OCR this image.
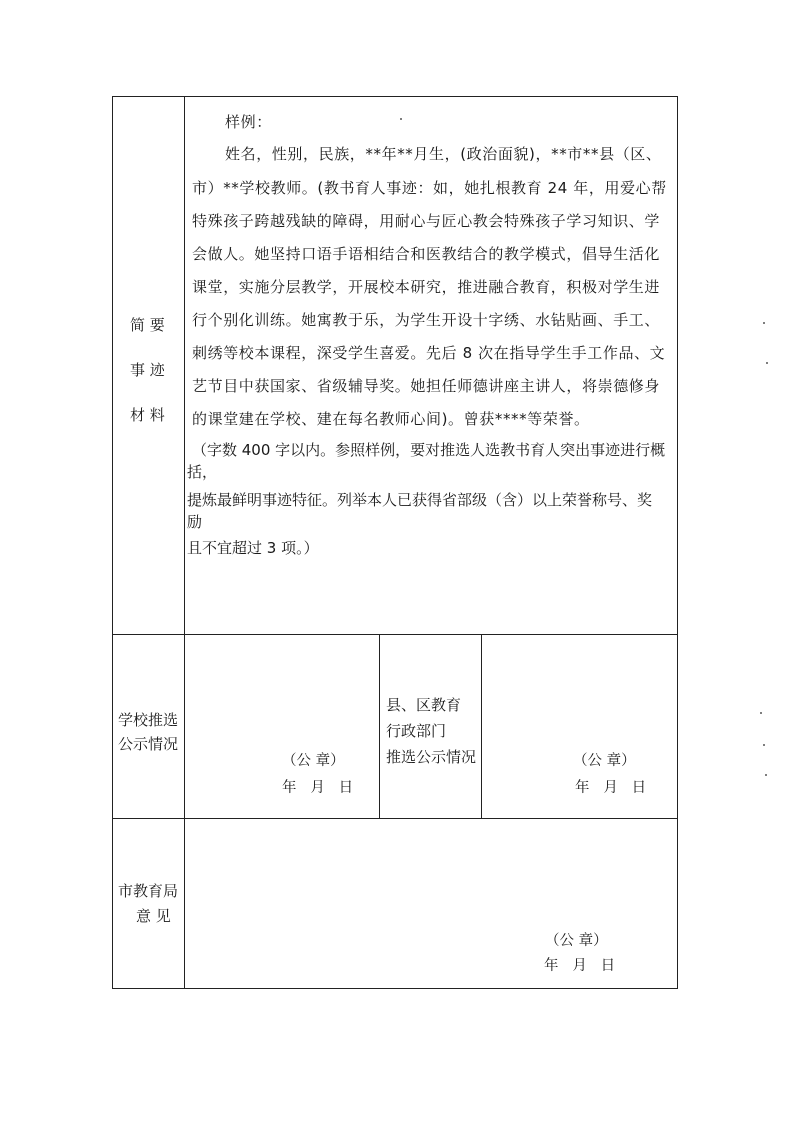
简 要
事 迹
材 料
样例：
姓名，性别，民族，**年**月生，(政治面貌)，**市**县（区、
市）**学校教师。(教书育人事迹：如，她扎根教育 24 年，用爱心帮
特殊孩子跨越残缺的障碍，用耐心与匠心教会特殊孩子学习知识、学
会做人。她坚持口语手语相结合和医教结合的教学模式，倡导生活化
课堂，实施分层教学，开展校本研究，推进融合教育，积极对学生进
行个别化训练。她寓教于乐，为学生开设十字绣、水钻贴画、手工、
刺绣等校本课程，深受学生喜爱。先后 8 次在指导学生手工作品、文
艺节目中获国家、省级辅导奖。她担任师德讲座主讲人，将崇德修身
的课堂建在学校、建在每名教师心间)。曾获****等荣誉。
（字数 400 字以内。参照样例，要对推选人选教书育人突出事迹进行概
括，
提炼最鲜明事迹特征。列举本人已获得省部级（含）以上荣誉称号、奖
励
且不宜超过 3 项。）
学校推选
公示情况
（公 章）
年   月   日
县、区教育
行政部门
推选公示情况	（公 章）
年   月   日
市教育局
意 见
（公 章）
年   月   日
